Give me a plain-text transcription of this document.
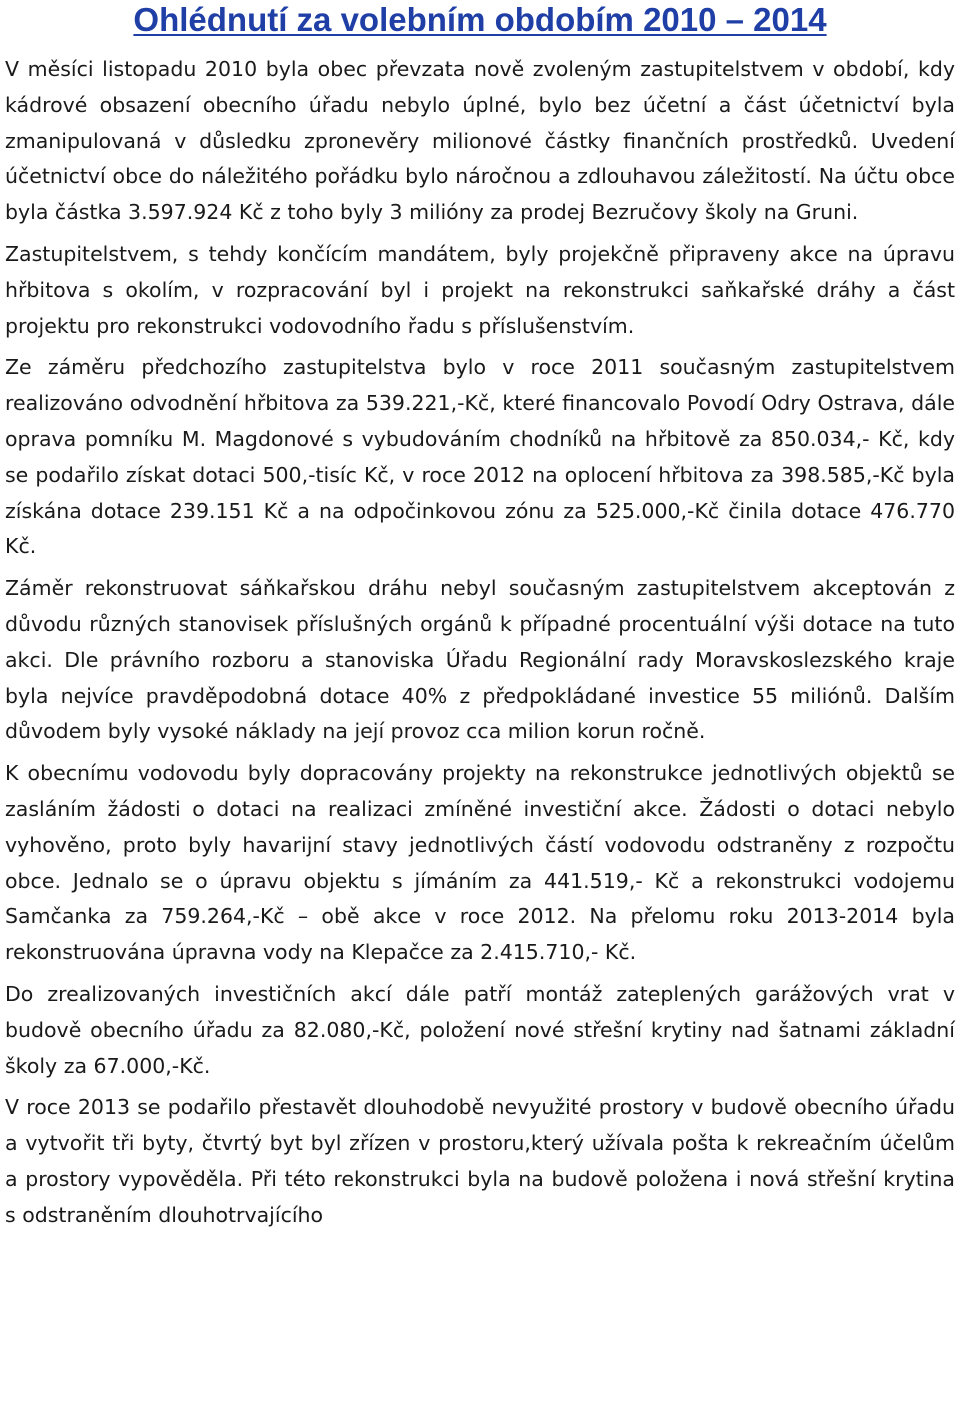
Ohlédnutí za volebním obdobím 2010 – 2014

V měsíci listopadu 2010 byla obec převzata nově zvoleným zastupitelstvem v období, kdy kádrové obsazení obecního úřadu nebylo úplné, bylo bez účetní a část účetnictví byla zmanipulovaná v důsledku zpronevěry milionové částky finančních prostředků. Uvedení účetnictví obce do náležitého pořádku bylo náročnou a zdlouhavou záležitostí. Na účtu obce byla částka 3.597.924 Kč z toho byly 3 milióny za prodej Bezručovy školy na Gruni.

Zastupitelstvem, s tehdy končícím mandátem, byly projekčně připraveny akce na úpravu hřbitova s okolím, v rozpracování byl i projekt na rekonstrukci saňkařské dráhy a část projektu pro rekonstrukci vodovodního řadu s příslušenstvím.

Ze záměru předchozího zastupitelstva bylo v roce 2011 současným zastupitelstvem realizováno odvodnění hřbitova za 539.221,-Kč, které financovalo Povodí Odry Ostrava, dále oprava pomníku M. Magdonové s vybudováním chodníků na hřbitově za 850.034,- Kč, kdy se podařilo získat dotaci 500,-tisíc Kč, v roce 2012 na oplocení hřbitova za 398.585,-Kč byla získána dotace 239.151 Kč a na odpočinkovou zónu za 525.000,-Kč činila dotace 476.770 Kč.

Záměr rekonstruovat sáňkařskou dráhu nebyl současným zastupitelstvem akceptován z důvodu různých stanovisek příslušných orgánů k případné procentuální výši dotace na tuto akci. Dle právního rozboru a stanoviska Úřadu Regionální rady Moravskoslezského kraje byla nejvíce pravděpodobná dotace 40% z předpokládané investice 55 miliónů. Dalším důvodem byly vysoké náklady na její provoz cca milion korun ročně.

K obecnímu vodovodu byly dopracovány projekty na rekonstrukce jednotlivých objektů se zasláním žádosti o dotaci na realizaci zmíněné investiční akce. Žádosti o dotaci nebylo vyhověno, proto byly havarijní stavy jednotlivých částí vodovodu odstraněny z rozpočtu obce. Jednalo se o úpravu objektu s jímáním za 441.519,- Kč a rekonstrukci vodojemu Samčanka za 759.264,-Kč – obě akce v roce 2012. Na přelomu roku 2013-2014 byla rekonstruována úpravna vody na Klepačce za 2.415.710,- Kč.

Do zrealizovaných investičních akcí dále patří montáž zateplených garážových vrat v budově obecního úřadu za 82.080,-Kč, položení nové střešní krytiny nad šatnami základní školy za 67.000,-Kč.

V roce 2013 se podařilo přestavět dlouhodobě nevyužité prostory v budově obecního úřadu a vytvořit tři byty, čtvrtý byt byl zřízen v prostoru,který užívala pošta k rekreačním účelům a prostory vypověděla. Při této rekonstrukci byla na budově položena i nová střešní krytina s odstraněním dlouhotrvajícího
